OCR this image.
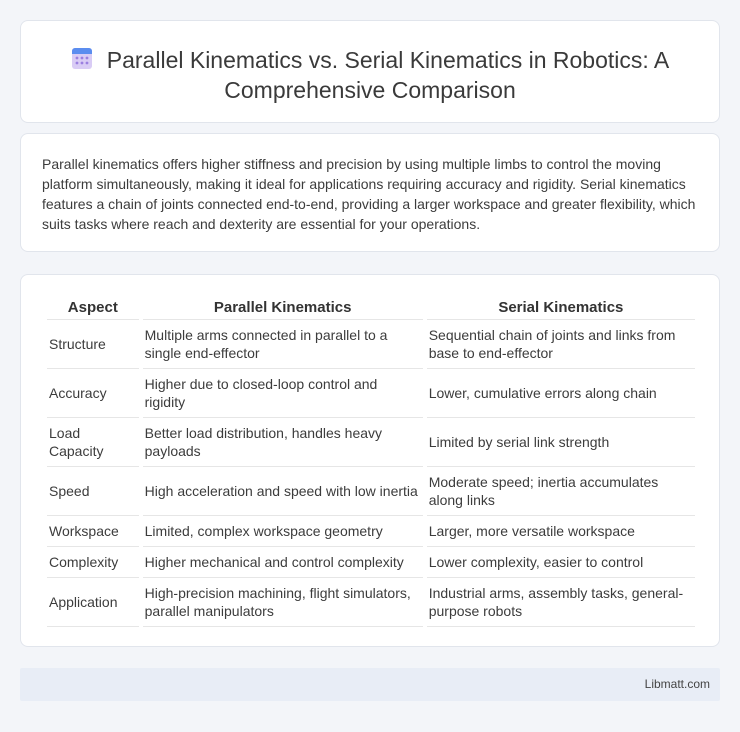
Parallel Kinematics vs. Serial Kinematics in Robotics: A Comprehensive Comparison

Parallel kinematics offers higher stiffness and precision by using multiple limbs to control the moving platform simultaneously, making it ideal for applications requiring accuracy and rigidity. Serial kinematics features a chain of joints connected end-to-end, providing a larger workspace and greater flexibility, which suits tasks where reach and dexterity are essential for your operations.

Aspect	Parallel Kinematics	Serial Kinematics
Structure	Multiple arms connected in parallel to a single end-effector	Sequential chain of joints and links from base to end-effector
Accuracy	Higher due to closed-loop control and rigidity	Lower, cumulative errors along chain
Load Capacity	Better load distribution, handles heavy payloads	Limited by serial link strength
Speed	High acceleration and speed with low inertia	Moderate speed; inertia accumulates along links
Workspace	Limited, complex workspace geometry	Larger, more versatile workspace
Complexity	Higher mechanical and control complexity	Lower complexity, easier to control
Application	High-precision machining, flight simulators, parallel manipulators	Industrial arms, assembly tasks, general-purpose robots
Libmatt.com
